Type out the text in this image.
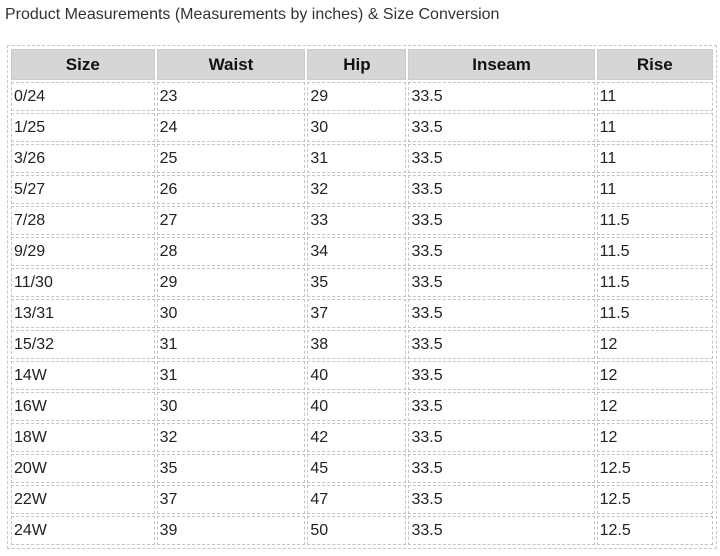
Product Measurements (Measurements by inches) & Size Conversion
Size	Waist	Hip	Inseam	Rise
0/24	23	29	33.5	11
1/25	24	30	33.5	11
3/26	25	31	33.5	11
5/27	26	32	33.5	11
7/28	27	33	33.5	11.5
9/29	28	34	33.5	11.5
11/30	29	35	33.5	11.5
13/31	30	37	33.5	11.5
15/32	31	38	33.5	12
14W	31	40	33.5	12
16W	30	40	33.5	12
18W	32	42	33.5	12
20W	35	45	33.5	12.5
22W	37	47	33.5	12.5
24W	39	50	33.5	12.5
